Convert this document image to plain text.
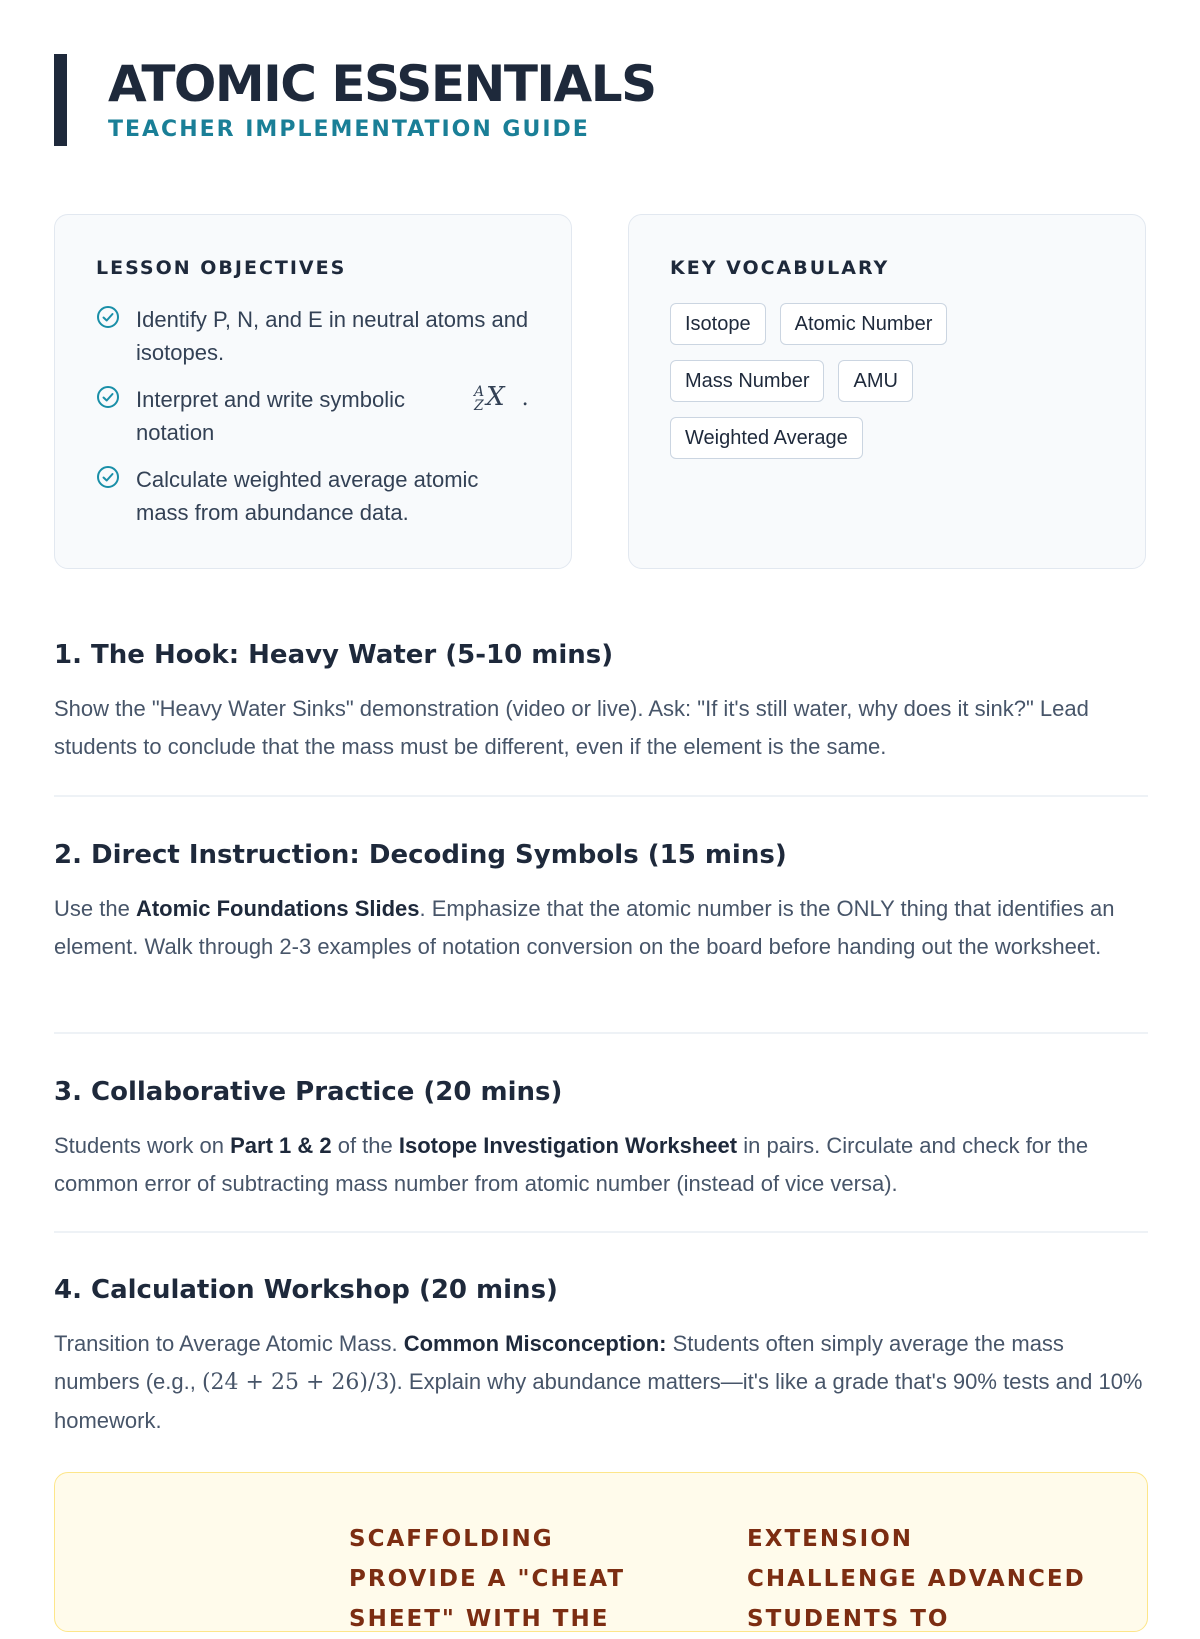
ATOMIC ESSENTIALS
TEACHER IMPLEMENTATION GUIDE
LESSON OBJECTIVES
Identify P, N, and E in neutral atoms and isotopes.
Interpret and write symbolic notation
A
Z X .
Calculate weighted average atomic mass from abundance data.
KEY VOCABULARY
Isotope	Atomic Number
Mass Number	AMU
Weighted Average
1. The Hook: Heavy Water (5-10 mins)

Show the "Heavy Water Sinks" demonstration (video or live). Ask: "If it's still water, why does it sink?" Lead students to conclude that the mass must be different, even if the element is the same.

2. Direct Instruction: Decoding Symbols (15 mins)

Use the Atomic Foundations Slides. Emphasize that the atomic number is the ONLY thing that identifies an element. Walk through 2-3 examples of notation conversion on the board before handing out the worksheet.

3. Collaborative Practice (20 mins)

Students work on Part 1 & 2 of the Isotope Investigation Worksheet in pairs. Circulate and check for the common error of subtracting mass number from atomic number (instead of vice versa).

4. Calculation Workshop (20 mins)

Transition to Average Atomic Mass. Common Misconception: Students often simply average the mass numbers (e.g., (24 + 25 + 26)/3). Explain why abundance matters—it's like a grade that's 90% tests and 10% homework.

SCAFFOLDING
PROVIDE A "CHEAT SHEET" WITH THE
EXTENSION
CHALLENGE ADVANCED STUDENTS TO
